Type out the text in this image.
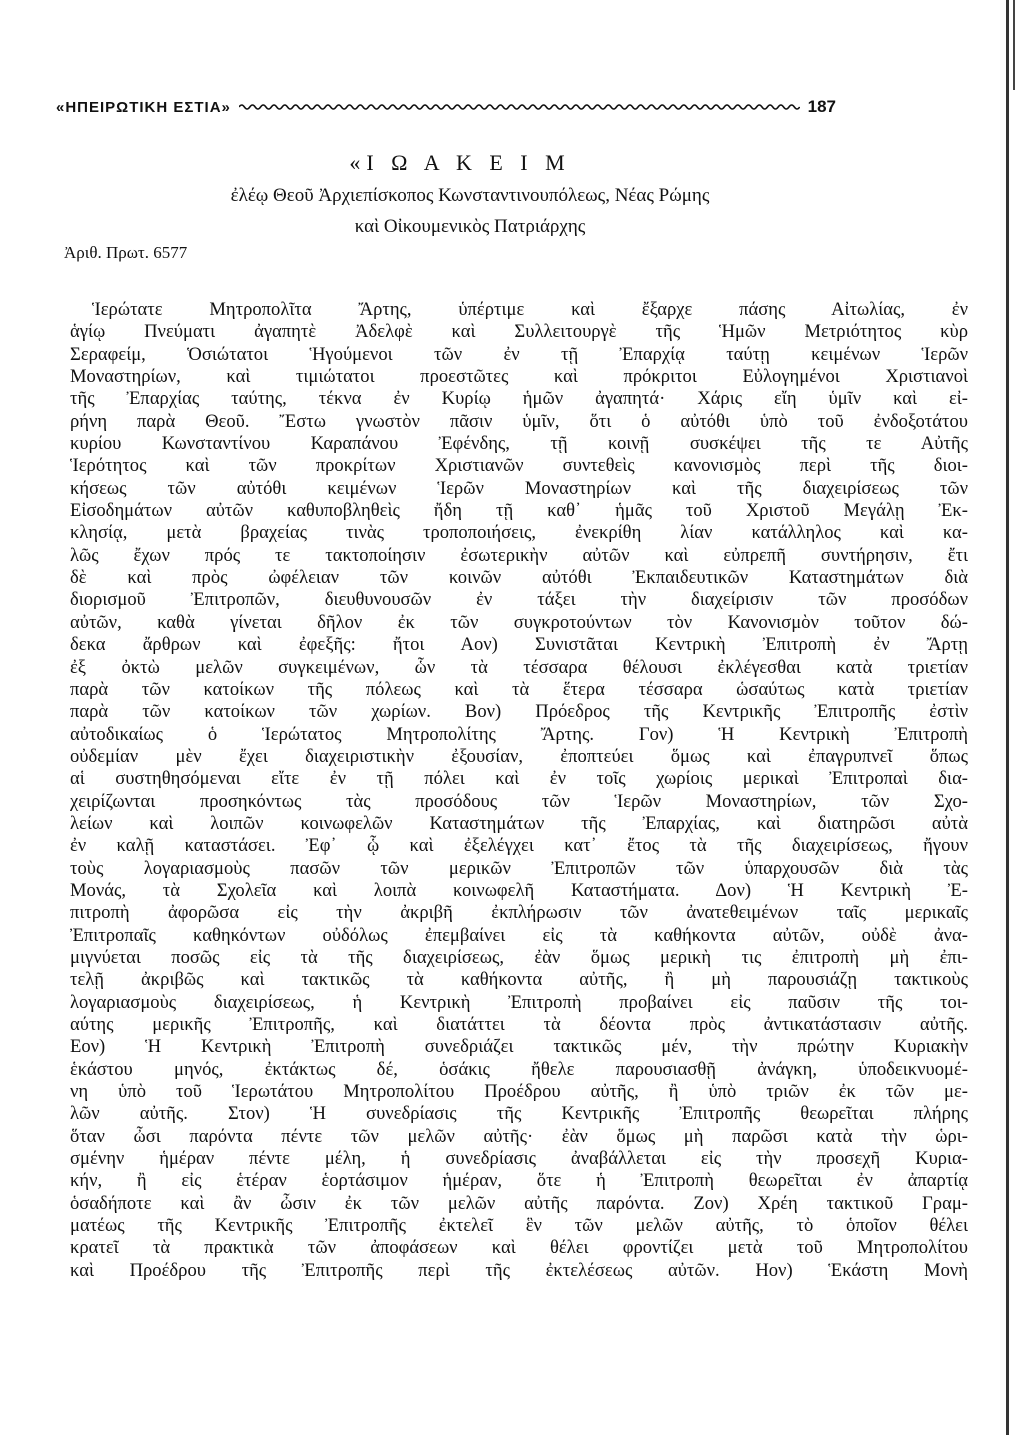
«ΗΠΕΙΡΩΤΙΚΗ ΕΣΤΙΑ»	187
«Ι Ω Α Κ Ε Ι Μ
ἐλέῳ Θεοῦ Ἀρχιεπίσκοπος Κωνσταντινουπόλεως, Νέας Ρώμης
καὶ Οἰκουμενικὸς Πατριάρχης
Ἀριθ. Πρωτ. 6577
Ἱερώτατε Μητροπολῖτα Ἄρτης, ὑπέρτιμε καὶ ἔξαρχε πάσης Αἰτωλίας, ἐν
ἁγίῳ Πνεύματι ἀγαπητὲ Ἀδελφὲ καὶ Συλλειτουργὲ τῆς Ἡμῶν Μετριότητος κὺρ
Σεραφείμ, Ὁσιώτατοι Ἡγούμενοι τῶν ἐν τῇ Ἐπαρχίᾳ ταύτῃ κειμένων Ἱερῶν
Μοναστηρίων, καὶ τιμιώτατοι προεστῶτες καὶ πρόκριτοι Εὐλογημένοι Χριστιανοὶ
τῆς Ἐπαρχίας ταύτης, τέκνα ἐν Κυρίῳ ἡμῶν ἀγαπητά· Χάρις εἴη ὑμῖν καὶ εἰ-
ρήνη παρὰ Θεοῦ. Ἔστω γνωστὸν πᾶσιν ὑμῖν, ὅτι ὁ αὐτόθι ὑπὸ τοῦ ἐνδοξοτάτου
κυρίου Κωνσταντίνου Καραπάνου Ἐφένδης, τῇ κοινῇ συσκέψει τῆς τε Αὐτῆς
Ἱερότητος καὶ τῶν προκρίτων Χριστιανῶν συντεθεὶς κανονισμὸς περὶ τῆς διοι-
κήσεως τῶν αὐτόθι κειμένων Ἱερῶν Μοναστηρίων καὶ τῆς διαχειρίσεως τῶν
Εἰσοδημάτων αὐτῶν καθυποβληθεὶς ἤδη τῇ καθ᾽ ἡμᾶς τοῦ Χριστοῦ Μεγάλῃ Ἐκ-
κλησίᾳ, μετὰ βραχείας τινὰς τροποποιήσεις, ἐνεκρίθη λίαν κατάλληλος καὶ κα-
λῶς ἔχων πρός τε τακτοποίησιν ἐσωτερικὴν αὐτῶν καὶ εὐπρεπῆ συντήρησιν, ἔτι
δὲ καὶ πρὸς ὠφέλειαν τῶν κοινῶν αὐτόθι Ἐκπαιδευτικῶν Καταστημάτων διὰ
διορισμοῦ Ἐπιτροπῶν, διευθυνουσῶν ἐν τάξει τὴν διαχείρισιν τῶν προσόδων
αὐτῶν, καθὰ γίνεται δῆλον ἐκ τῶν συγκροτούντων τὸν Κανονισμὸν τοῦτον δώ-
δεκα ἄρθρων καὶ ἐφεξῆς: ἤτοι Αον) Συνιστᾶται Κεντρικὴ Ἐπιτροπὴ ἐν Ἄρτῃ
ἐξ ὀκτὼ μελῶν συγκειμένων, ὧν τὰ τέσσαρα θέλουσι ἐκλέγεσθαι κατὰ τριετίαν
παρὰ τῶν κατοίκων τῆς πόλεως καὶ τὰ ἕτερα τέσσαρα ὡσαύτως κατὰ τριετίαν
παρὰ τῶν κατοίκων τῶν χωρίων. Βον) Πρόεδρος τῆς Κεντρικῆς Ἐπιτροπῆς ἐστὶν
αὐτοδικαίως ὁ Ἱερώτατος Μητροπολίτης Ἄρτης. Γον) Ἡ Κεντρικὴ Ἐπιτροπὴ
οὐδεμίαν μὲν ἔχει διαχειριστικὴν ἐξουσίαν, ἐποπτεύει ὅμως καὶ ἐπαγρυπνεῖ ὅπως
αἱ συστηθησόμεναι εἴτε ἐν τῇ πόλει καὶ ἐν τοῖς χωρίοις μερικαὶ Ἐπιτροπαὶ δια-
χειρίζωνται προσηκόντως τὰς προσόδους τῶν Ἱερῶν Μοναστηρίων, τῶν Σχο-
λείων καὶ λοιπῶν κοινωφελῶν Καταστημάτων τῆς Ἐπαρχίας, καὶ διατηρῶσι αὐτὰ
ἐν καλῇ καταστάσει. Ἐφ᾽ ᾧ καὶ ἐξελέγχει κατ᾽ ἔτος τὰ τῆς διαχειρίσεως, ἤγουν
τοὺς λογαριασμοὺς πασῶν τῶν μερικῶν Ἐπιτροπῶν τῶν ὑπαρχουσῶν διὰ τὰς
Μονάς, τὰ Σχολεῖα καὶ λοιπὰ κοινωφελῆ Καταστήματα. Δον) Ἡ Κεντρικὴ Ἐ-
πιτροπὴ ἀφορῶσα εἰς τὴν ἀκριβῆ ἐκπλήρωσιν τῶν ἀνατεθειμένων ταῖς μερικαῖς
Ἐπιτροπαῖς καθηκόντων οὐδόλως ἐπεμβαίνει εἰς τὰ καθήκοντα αὐτῶν, οὐδὲ ἀνα-
μιγνύεται ποσῶς εἰς τὰ τῆς διαχειρίσεως, ἐὰν ὅμως μερικὴ τις ἐπιτροπὴ μὴ ἐπι-
τελῇ ἀκριβῶς καὶ τακτικῶς τὰ καθήκοντα αὐτῆς, ἢ μὴ παρουσιάζῃ τακτικοὺς
λογαριασμοὺς διαχειρίσεως, ἡ Κεντρικὴ Ἐπιτροπὴ προβαίνει εἰς παῦσιν τῆς τοι-
αύτης μερικῆς Ἐπιτροπῆς, καὶ διατάττει τὰ δέοντα πρὸς ἀντικατάστασιν αὐτῆς.
Εον) Ἡ Κεντρικὴ Ἐπιτροπὴ συνεδριάζει τακτικῶς μέν, τὴν πρώτην Κυριακὴν
ἑκάστου μηνός, ἐκτάκτως δέ, ὁσάκις ἤθελε παρουσιασθῇ ἀνάγκη, ὑποδεικνυομέ-
νη ὑπὸ τοῦ Ἱερωτάτου Μητροπολίτου Προέδρου αὐτῆς, ἢ ὑπὸ τριῶν ἐκ τῶν με-
λῶν αὐτῆς. Στον) Ἡ συνεδρίασις τῆς Κεντρικῆς Ἐπιτροπῆς θεωρεῖται πλήρης
ὅταν ὦσι παρόντα πέντε τῶν μελῶν αὐτῆς· ἐὰν ὅμως μὴ παρῶσι κατὰ τὴν ὡρι-
σμένην ἡμέραν πέντε μέλη, ἡ συνεδρίασις ἀναβάλλεται εἰς τὴν προσεχῆ Κυρια-
κήν, ἢ εἰς ἑτέραν ἑορτάσιμον ἡμέραν, ὅτε ἡ Ἐπιτροπὴ θεωρεῖται ἐν ἀπαρτίᾳ
ὁσαδήποτε καὶ ἂν ὦσιν ἐκ τῶν μελῶν αὐτῆς παρόντα. Ζον) Χρέη τακτικοῦ Γραμ-
ματέως τῆς Κεντρικῆς Ἐπιτροπῆς ἐκτελεῖ ἓν τῶν μελῶν αὐτῆς, τὸ ὁποῖον θέλει
κρατεῖ τὰ πρακτικὰ τῶν ἀποφάσεων καὶ θέλει φροντίζει μετὰ τοῦ Μητροπολίτου
καὶ Προέδρου τῆς Ἐπιτροπῆς περὶ τῆς ἐκτελέσεως αὐτῶν. Ηον) Ἑκάστη Μονὴ
